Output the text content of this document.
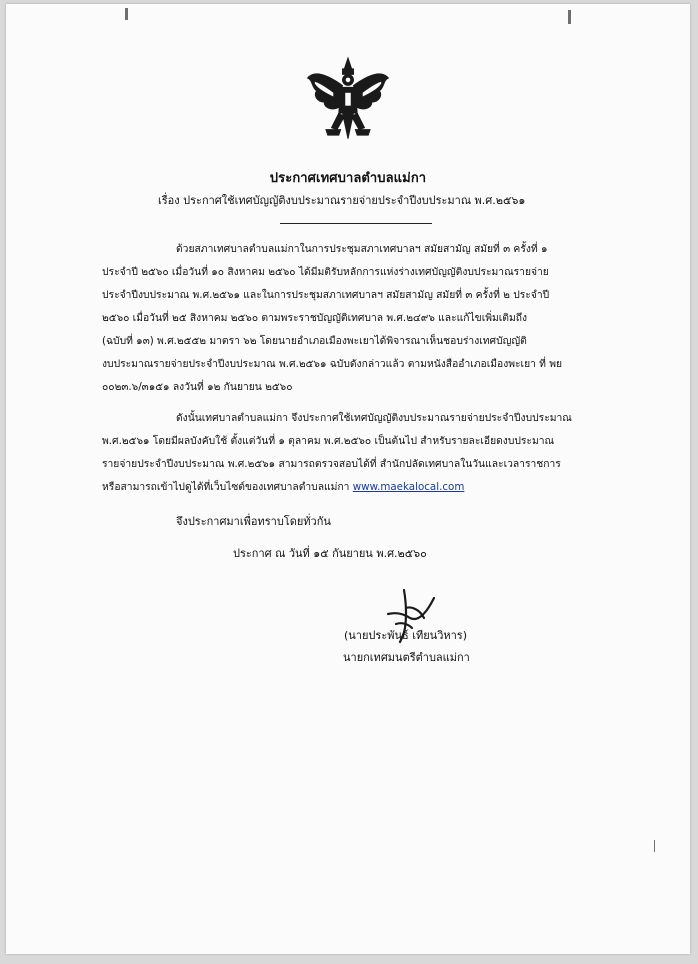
ประกาศเทศบาลตำบลแม่กา
เรื่อง ประกาศใช้เทศบัญญัติงบประมาณรายจ่ายประจำปีงบประมาณ พ.ศ.๒๕๖๑

ด้วยสภาเทศบาลตำบลแม่กาในการประชุมสภาเทศบาลฯ สมัยสามัญ สมัยที่ ๓ ครั้งที่ ๑
ประจำปี ๒๕๖๐ เมื่อวันที่ ๑๐ สิงหาคม ๒๕๖๐ ได้มีมติรับหลักการแห่งร่างเทศบัญญัติงบประมาณรายจ่าย
ประจำปีงบประมาณ พ.ศ.๒๕๖๑ และในการประชุมสภาเทศบาลฯ สมัยสามัญ สมัยที่ ๓ ครั้งที่ ๒ ประจำปี
๒๕๖๐ เมื่อวันที่ ๒๕ สิงหาคม ๒๕๖๐ ตามพระราชบัญญัติเทศบาล พ.ศ.๒๔๙๖ และแก้ไขเพิ่มเติมถึง
(ฉบับที่ ๑๓) พ.ศ.๒๕๕๒ มาตรา ๖๒ โดยนายอำเภอเมืองพะเยาได้พิจารณาเห็นชอบร่างเทศบัญญัติ
งบประมาณรายจ่ายประจำปีงบประมาณ พ.ศ.๒๕๖๑ ฉบับดังกล่าวแล้ว ตามหนังสืออำเภอเมืองพะเยา ที่ พย
๐๐๒๓.๖/๓๑๕๑ ลงวันที่ ๑๒ กันยายน ๒๕๖๐

ดังนั้นเทศบาลตำบลแม่กา จึงประกาศใช้เทศบัญญัติงบประมาณรายจ่ายประจำปีงบประมาณ
พ.ศ.๒๕๖๑ โดยมีผลบังคับใช้ ตั้งแต่วันที่ ๑ ตุลาคม พ.ศ.๒๕๖๐ เป็นต้นไป สำหรับรายละเอียดงบประมาณ
รายจ่ายประจำปีงบประมาณ พ.ศ.๒๕๖๑ สามารถตรวจสอบได้ที่ สำนักปลัดเทศบาลในวันและเวลาราชการ
หรือสามารถเข้าไปดูได้ที่เว็บไซต์ของเทศบาลตำบลแม่กา www.maekalocal.com

จึงประกาศมาเพื่อทราบโดยทั่วกัน
ประกาศ ณ วันที่ ๑๕ กันยายน พ.ศ.๒๕๖๐
(นายประพันธ์ เทียนวิหาร)
นายกเทศมนตรีตำบลแม่กา
